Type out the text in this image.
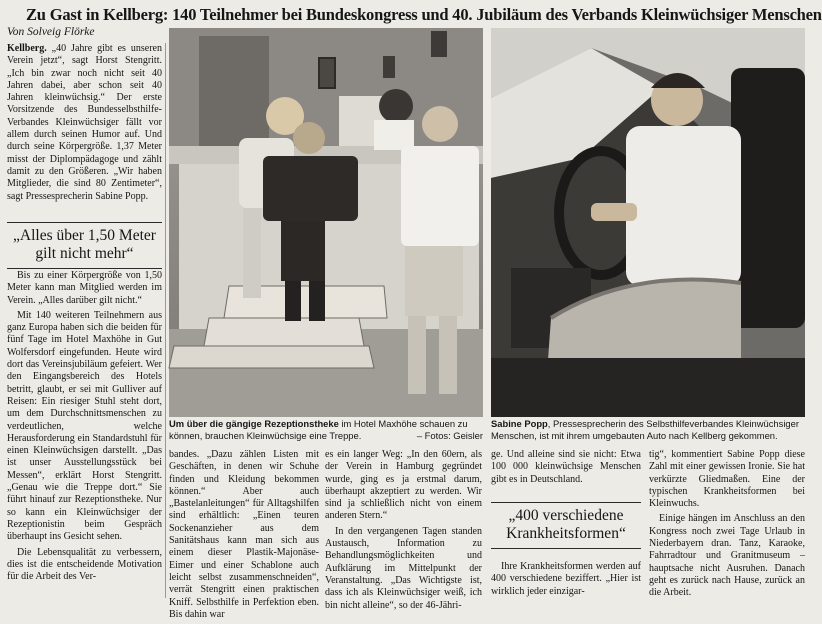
Zu Gast in Kellberg: 140 Teilnehmer bei Bundeskongress und 40. Jubiläum des Verbands Kleinwüchsiger Menschen
Von Solveig Flörke

Kellberg. „40 Jahre gibt es unseren Verein jetzt“, sagt Horst Stengritt. „Ich bin zwar noch nicht seit 40 Jahren dabei, aber schon seit 40 Jahren kleinwüchsig.“ Der erste Vorsitzende des Bundesselbsthilfe-Verbandes Kleinwüchsiger fällt vor allem durch seinen Humor auf. Und durch seine Körpergröße. 1,37 Meter misst der Diplompädagoge und zählt damit zu den Größeren. „Wir haben Mitglieder, die sind 80 Zentimeter“, sagt Pressesprecherin Sabine Popp.

„Alles über 1,50 Meter gilt nicht mehr“

Bis zu einer Körpergröße von 1,50 Meter kann man Mitglied werden im Verein. „Alles darüber gilt nicht.“

Mit 140 weiteren Teilnehmern aus ganz Europa haben sich die beiden für fünf Tage im Hotel Maxhöhe in Gut Wolfersdorf eingefunden. Heute wird dort das Vereinsjubiläum gefeiert. Wer den Eingangsbereich des Hotels betritt, glaubt, er sei mit Gulliver auf Reisen: Ein riesiger Stuhl steht dort, um dem Durchschnittsmenschen zu verdeutlichen, welche Herausforderung ein Standardstuhl für einen Kleinwüchsigen darstellt. „Das ist unser Ausstellungsstück bei Messen“, erklärt Horst Stengritt. „Genau wie die Treppe dort.“ Sie führt hinauf zur Rezeptionstheke. Nur so kann ein Kleinwüchsiger der Rezeptionistin beim Gespräch überhaupt ins Gesicht sehen.

Die Lebensqualität zu verbessern, dies ist die entscheidende Motivation für die Arbeit des Ver-

Um über die gängige Rezeptionstheke im Hotel Maxhöhe schauen zu können, brauchen Kleinwüchsige eine Treppe.	– Fotos: Geisler
Sabine Popp, Pressesprecherin des Selbsthilfeverbandes Kleinwüchsiger Menschen, ist mit ihrem umgebauten Auto nach Kellberg gekommen.

bandes. „Dazu zählen Listen mit Geschäften, in denen wir Schuhe finden und Kleidung bekommen können.“ Aber auch „Bastelanleitungen“ für Alltagshilfen sind erhältlich: „Einen teuren Sockenanzieher aus dem Sanitätshaus kann man sich aus einem dieser Plastik-Majonäse-Eimer und einer Schablone auch leicht selbst zusammenschneiden“, verrät Stengritt einen praktischen Kniff. Selbsthilfe in Perfektion eben. Bis dahin war

es ein langer Weg: „In den 60ern, als der Verein in Hamburg gegründet wurde, ging es ja erstmal darum, überhaupt akzeptiert zu werden. Wir sind ja schließlich nicht von einem anderen Stern.“

In den vergangenen Tagen standen Austausch, Information zu Behandlungsmöglichkeiten und Aufklärung im Mittelpunkt der Veranstaltung. „Das Wichtigste ist, dass ich als Kleinwüchsiger weiß, ich bin nicht alleine“, so der 46-Jähri-

ge. Und alleine sind sie nicht: Etwa 100 000 kleinwüchsige Menschen gibt es in Deutschland.

„400 verschiedene Krankheitsformen“

Ihre Krankheitsformen werden auf 400 verschiedene beziffert. „Hier ist wirklich jeder einzigar-

tig“, kommentiert Sabine Popp diese Zahl mit einer gewissen Ironie. Sie hat verkürzte Gliedmaßen. Eine der typischen Krankheitsformen bei Kleinwuchs.

Einige hängen im Anschluss an den Kongress noch zwei Tage Urlaub in Niederbayern dran. Tanz, Karaoke, Fahrradtour und Granitmuseum – hauptsache nicht Ausruhen. Danach geht es zurück nach Hause, zurück an die Arbeit.
